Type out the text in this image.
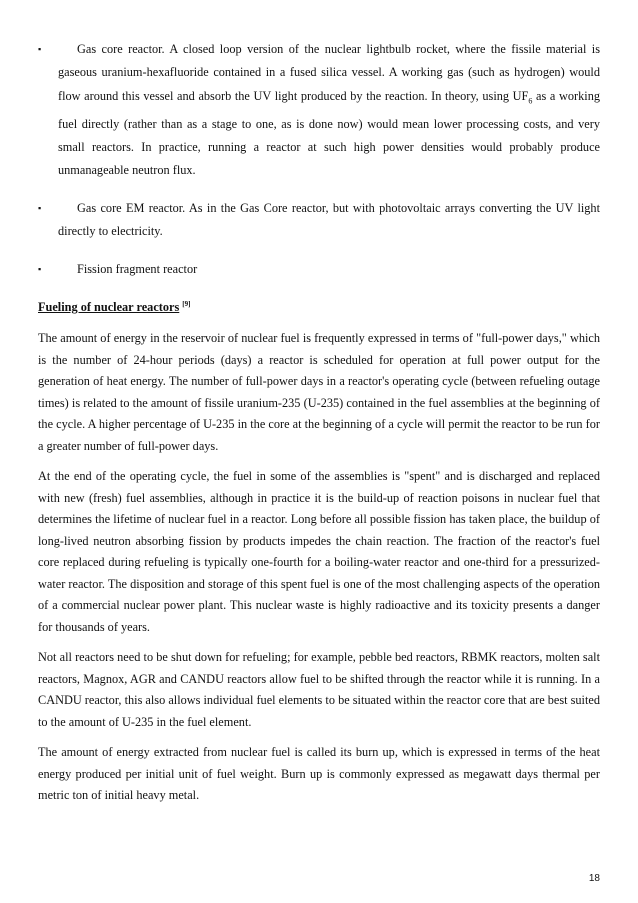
▪	Gas core reactor. A closed loop version of the nuclear lightbulb rocket, where the fissile material is gaseous uranium-hexafluoride contained in a fused silica vessel. A working gas (such as hydrogen) would flow around this vessel and absorb the UV light produced by the reaction. In theory, using $UF_6$ as a working fuel directly (rather than as a stage to one, as is done now) would mean lower processing costs, and very small reactors. In practice, running a reactor at such high power densities would probably produce unmanageable neutron flux.
▪	Gas core EM reactor. As in the Gas Core reactor, but with photovoltaic arrays converting the UV light directly to electricity.
▪	Fission fragment reactor
Fueling of nuclear reactors [9]

The amount of energy in the reservoir of nuclear fuel is frequently expressed in terms of "full-power days," which is the number of 24-hour periods (days) a reactor is scheduled for operation at full power output for the generation of heat energy. The number of full-power days in a reactor's operating cycle (between refueling outage times) is related to the amount of fissile uranium-235 (U-235) contained in the fuel assemblies at the beginning of the cycle. A higher percentage of U-235 in the core at the beginning of a cycle will permit the reactor to be run for a greater number of full-power days.

At the end of the operating cycle, the fuel in some of the assemblies is "spent" and is discharged and replaced with new (fresh) fuel assemblies, although in practice it is the build-up of reaction poisons in nuclear fuel that determines the lifetime of nuclear fuel in a reactor. Long before all possible fission has taken place, the buildup of long-lived neutron absorbing fission by products impedes the chain reaction. The fraction of the reactor's fuel core replaced during refueling is typically one-fourth for a boiling-water reactor and one-third for a pressurized-water reactor. The disposition and storage of this spent fuel is one of the most challenging aspects of the operation of a commercial nuclear power plant. This nuclear waste is highly radioactive and its toxicity presents a danger for thousands of years.

Not all reactors need to be shut down for refueling; for example, pebble bed reactors, RBMK reactors, molten salt reactors, Magnox, AGR and CANDU reactors allow fuel to be shifted through the reactor while it is running. In a CANDU reactor, this also allows individual fuel elements to be situated within the reactor core that are best suited to the amount of U-235 in the fuel element.

The amount of energy extracted from nuclear fuel is called its burn up, which is expressed in terms of the heat energy produced per initial unit of fuel weight. Burn up is commonly expressed as megawatt days thermal per metric ton of initial heavy metal.

18
